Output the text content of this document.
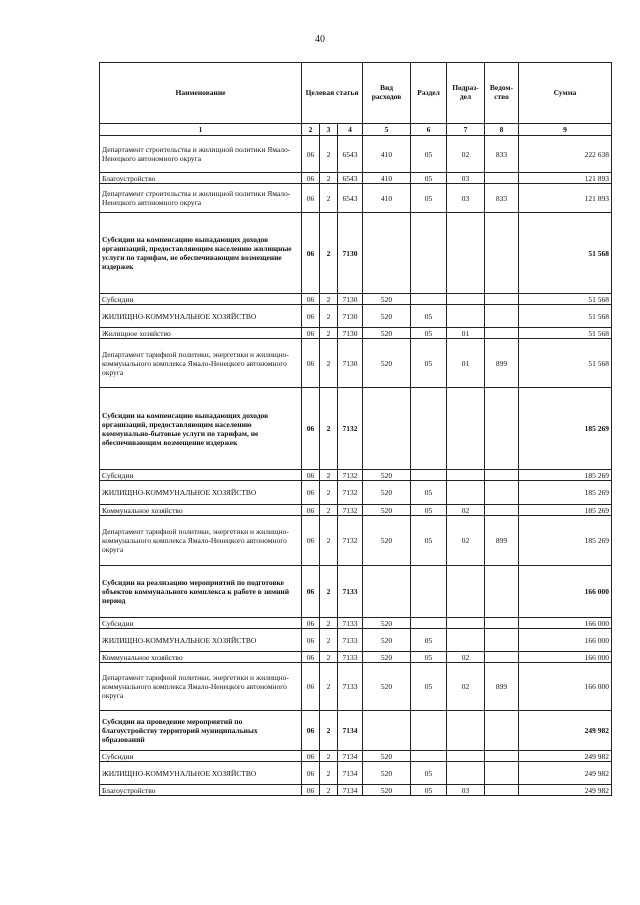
40
Наименование	Целевая статья			Вид расходов	Раздел	Подраз-дел	Ведом-ство	Сумма
1	2	3	4	5	6	7	8	9
Департамент строительства и жилищной политики Ямало-Ненецкого автономного округа	06	2	6543	410	05	02	833	222 638
Благоустройство	06	2	6543	410	05	03		121 893
Департамент строительства и жилищной политики Ямало-Ненецкого автономного округа	06	2	6543	410	05	03	833	121 893
Субсидии на компенсацию выпадающих доходов организаций, предоставляющим населению жилищные услуги по тарифам, не обеспечивающим возмещение издержек	06	2	7130					51 568
Субсидии	06	2	7130	520				51 568
ЖИЛИЩНО-КОММУНАЛЬНОЕ ХОЗЯЙСТВО	06	2	7130	520	05			51 568
Жилищное хозяйство	06	2	7130	520	05	01		51 568
Департамент тарифной политики, энергетики и жилищно-коммунального комплекса Ямало-Ненецкого автономного округа	06	2	7130	520	05	01	899	51 568
Субсидии на компенсацию выпадающих доходов организаций, предоставляющим населению коммунально-бытовые услуги по тарифам, не обеспечивающим возмещение издержек	06	2	7132					185 269
Субсидии	06	2	7132	520				185 269
ЖИЛИЩНО-КОММУНАЛЬНОЕ ХОЗЯЙСТВО	06	2	7132	520	05			185 269
Коммунальное хозяйство	06	2	7132	520	05	02		185 269
Департамент тарифной политики, энергетики и жилищно-коммунального комплекса Ямало-Ненецкого автономного округа	06	2	7132	520	05	02	899	185 269
Субсидии на реализацию мероприятий по подготовке объектов коммунального комплекса к работе в зимний период	06	2	7133					166 000
Субсидии	06	2	7133	520				166 000
ЖИЛИЩНО-КОММУНАЛЬНОЕ ХОЗЯЙСТВО	06	2	7133	520	05			166 000
Коммунальное хозяйство	06	2	7133	520	05	02		166 000
Департамент тарифной политики, энергетики и жилищно-коммунального комплекса Ямало-Ненецкого автономного округа	06	2	7133	520	05	02	899	166 000
Субсидии на проведение мероприятий по благоустройству территорий муниципальных образований	06	2	7134					249 982
Субсидии	06	2	7134	520				249 982
ЖИЛИЩНО-КОММУНАЛЬНОЕ ХОЗЯЙСТВО	06	2	7134	520	05			249 982
Благоустройство	06	2	7134	520	05	03		249 982
